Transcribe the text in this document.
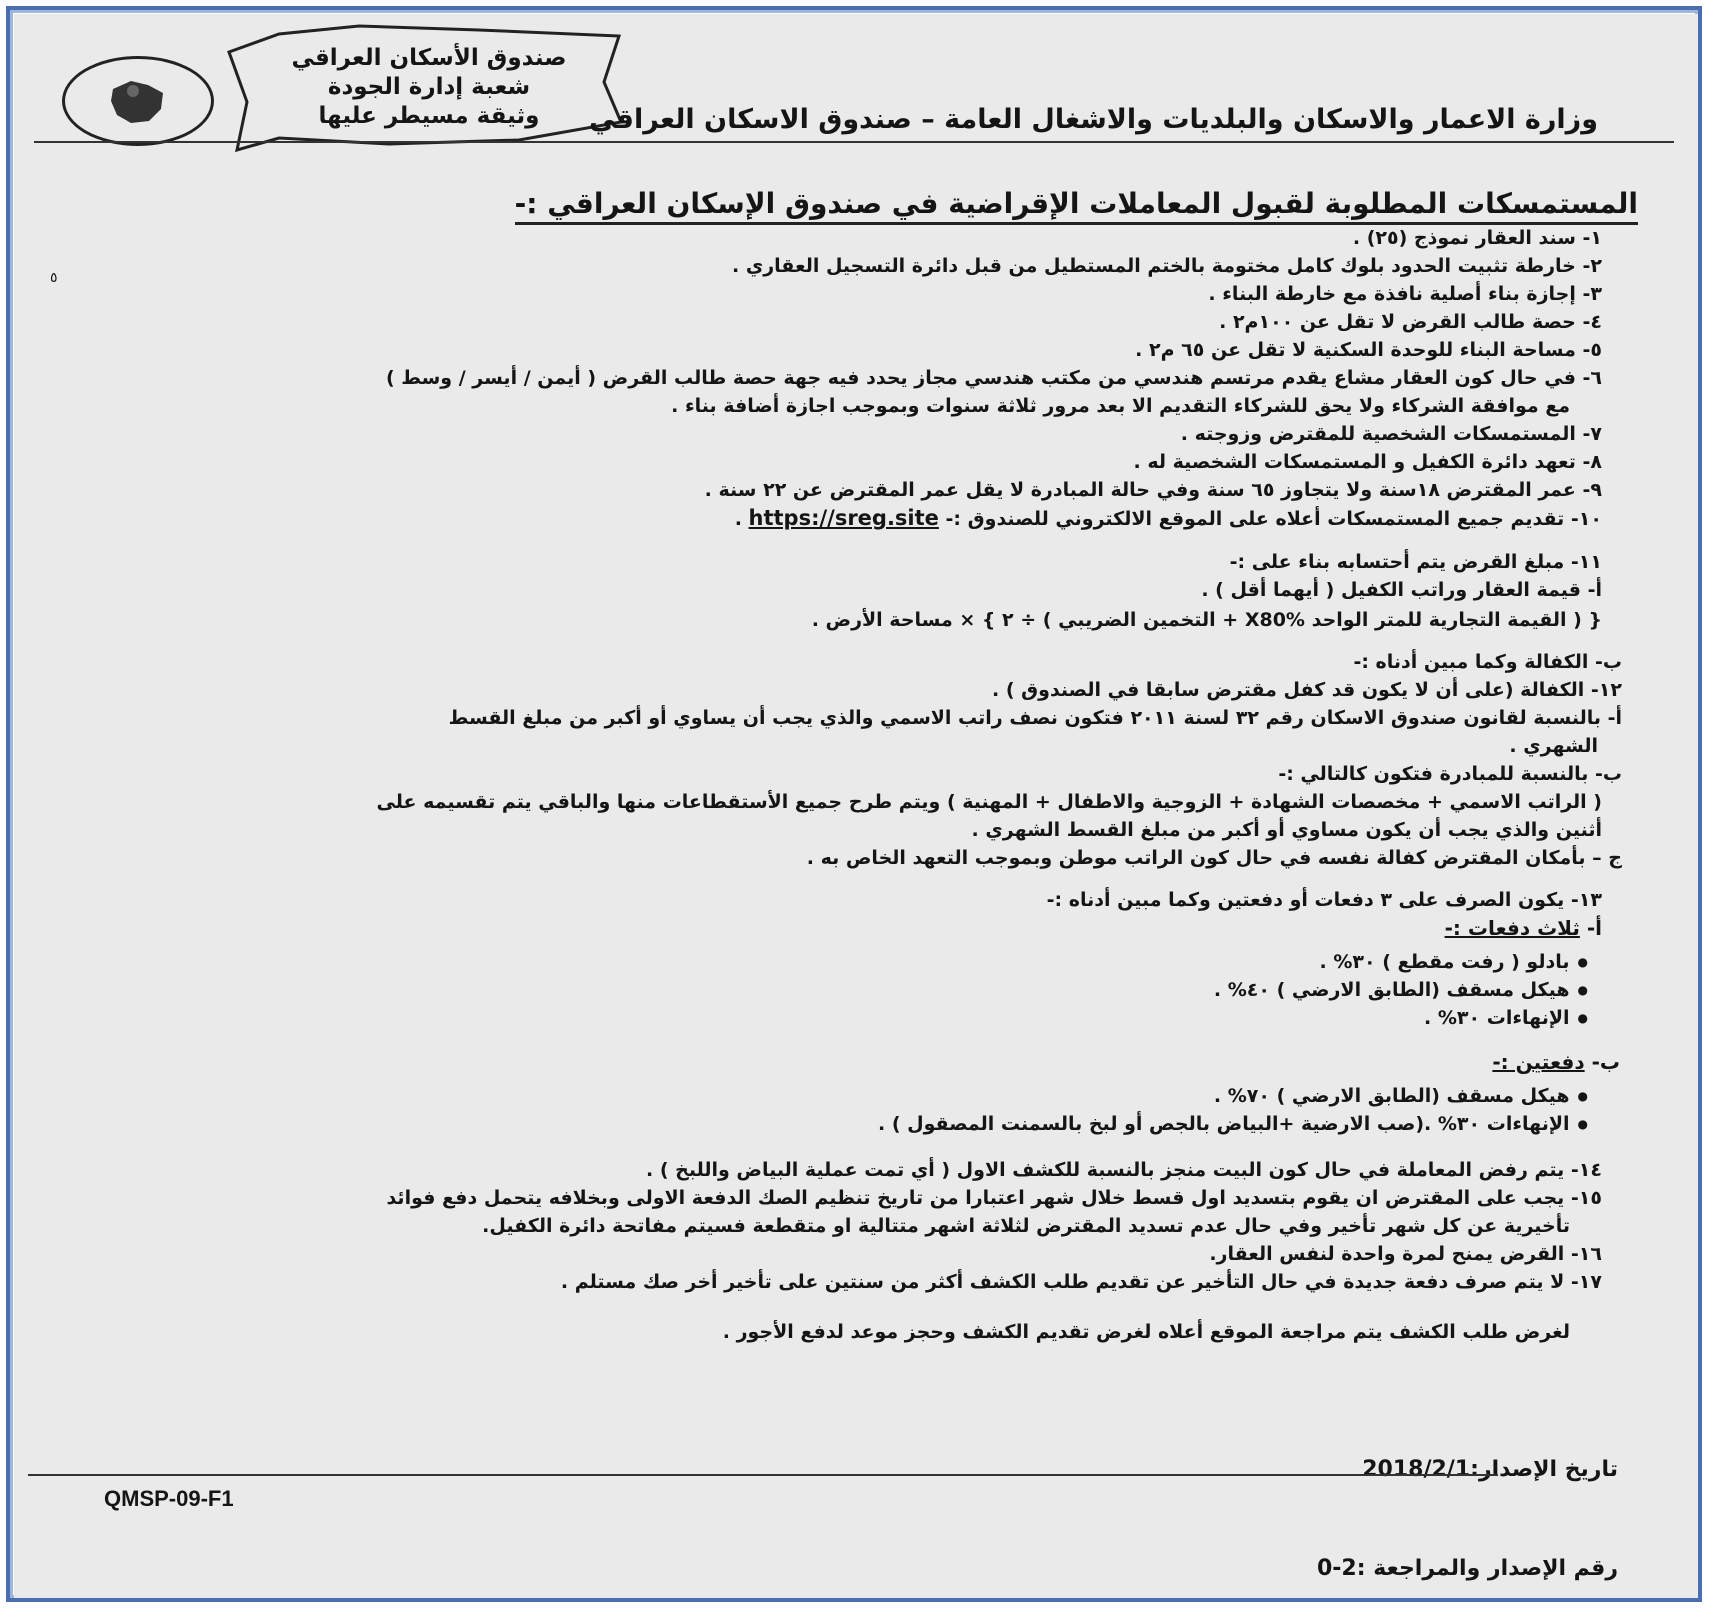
صندوق الأسكان العراقي
شعبة إدارة الجودة
وثيقة مسيطر عليها	وزارة الاعمار والاسكان والبلديات والاشغال العامة – صندوق الاسكان العراقي
المستمسكات المطلوبة لقبول المعاملات الإقراضية في صندوق الإسكان العراقي :-
٥
١- سند العقار نموذج (٢٥) .
٢- خارطة تثبيت الحدود بلوك كامل مختومة بالختم المستطيل من قبل دائرة التسجيل العقاري .
٣- إجازة بناء أصلية نافذة مع خارطة البناء .
٤- حصة طالب القرض لا تقل عن ١٠٠م٢ .
٥- مساحة البناء للوحدة السكنية لا تقل عن ٦٥ م٢ .
٦- في حال كون العقار مشاع يقدم مرتسم هندسي من مكتب هندسي مجاز يحدد فيه جهة حصة طالب القرض ( أيمن / أيسر / وسط )
مع موافقة الشركاء ولا يحق للشركاء التقديم الا بعد مرور ثلاثة سنوات وبموجب اجازة أضافة بناء .
٧- المستمسكات الشخصية للمقترض وزوجته .
٨- تعهد دائرة الكفيل و المستمسكات الشخصية له .
٩- عمر المقترض ١٨سنة ولا يتجاوز ٦٥ سنة وفي حالة المبادرة لا يقل عمر المقترض عن ٢٢ سنة .
١٠- تقديم جميع المستمسكات أعلاه على الموقع الالكتروني للصندوق :- https://sreg.site .
١١- مبلغ القرض يتم أحتسابه بناء على :-
أ- قيمة العقار وراتب الكفيل ( أيهما أقل ) .
{ ( القيمة التجارية للمتر الواحد X80% + التخمين الضريبي ) ÷ ٢ } × مساحة الأرض .
ب- الكفالة وكما مبين أدناه :-
١٢- الكفالة (على أن لا يكون قد كفل مقترض سابقا في الصندوق ) .
أ- بالنسبة لقانون صندوق الاسكان رقم ٣٢ لسنة ٢٠١١ فتكون نصف راتب الاسمي والذي يجب أن يساوي أو أكبر من مبلغ القسط
الشهري .
ب- بالنسبة للمبادرة فتكون كالتالي :-
( الراتب الاسمي + مخصصات الشهادة + الزوجية والاطفال + المهنية ) ويتم طرح جميع الأستقطاعات منها والباقي يتم تقسيمه على
أثنين والذي يجب أن يكون مساوي أو أكبر من مبلغ القسط الشهري .
ج – بأمكان المقترض كفالة نفسه في حال كون الراتب موطن وبموجب التعهد الخاص به .
١٣- يكون الصرف على ٣ دفعات أو دفعتين وكما مبين أدناه :-
أ- ثلاث دفعات :-
● بادلو ( رفت مقطع ) ٣٠% .
● هيكل مسقف (الطابق الارضي ) ٤٠% .
● الإنهاءات ٣٠% .
ب- دفعتين :-
● هيكل مسقف (الطابق الارضي ) ٧٠% .
● الإنهاءات ٣٠% .(صب الارضية +البياض بالجص أو لبخ بالسمنت المصقول ) .
١٤- يتم رفض المعاملة في حال كون البيت منجز بالنسبة للكشف الاول ( أي تمت عملية البياض واللبخ ) .
١٥- يجب على المقترض ان يقوم بتسديد اول قسط خلال شهر اعتبارا من تاريخ تنظيم الصك الدفعة الاولى وبخلافه يتحمل دفع فوائد
تأخيرية عن كل شهر تأخير وفي حال عدم تسديد المقترض لثلاثة اشهر متتالية او متقطعة فسيتم مفاتحة دائرة الكفيل.
١٦- القرض يمنح لمرة واحدة لنفس العقار.
١٧- لا يتم صرف دفعة جديدة في حال التأخير عن تقديم طلب الكشف أكثر من سنتين على تأخير أخر صك مستلم .
لغرض طلب الكشف يتم مراجعة الموقع أعلاه لغرض تقديم الكشف وحجز موعد لدفع الأجور .
تاريخ الإصدار:2018/2/1
QMSP-09-F1
رقم الإصدار والمراجعة :2-0
